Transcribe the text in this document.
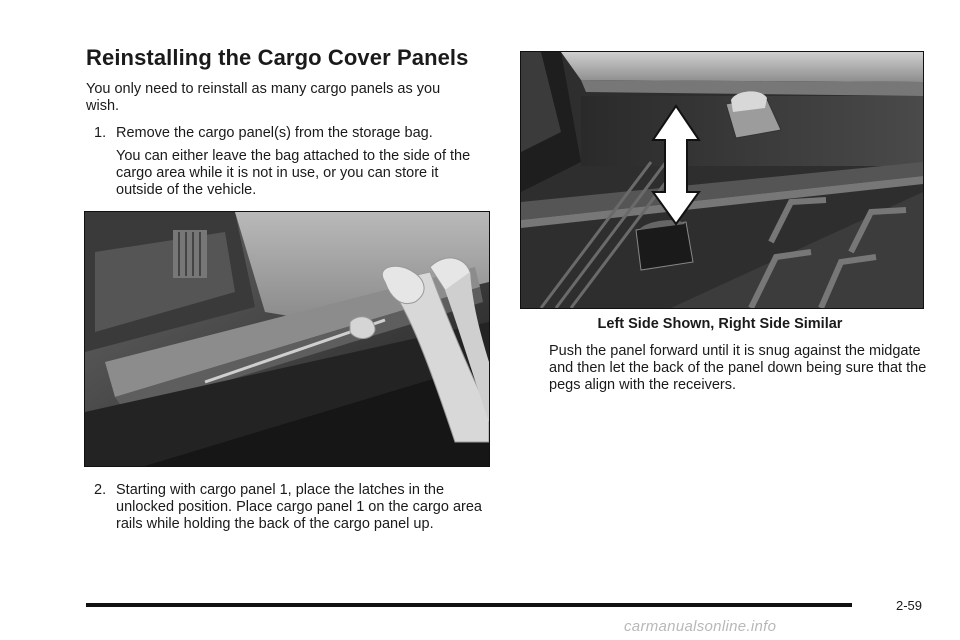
Reinstalling the Cargo Cover Panels
You only need to reinstall as many cargo panels as you wish.
1. Remove the cargo panel(s) from the storage bag.
You can either leave the bag attached to the side of the cargo area while it is not in use, or you can store it outside of the vehicle.
2. Starting with cargo panel 1, place the latches in the unlocked position. Place cargo panel 1 on the cargo area rails while holding the back of the cargo panel up.
Left Side Shown, Right Side Similar
Push the panel forward until it is snug against the midgate and then let the back of the panel down being sure that the pegs align with the receivers.
2-59
carmanualsonline.info
